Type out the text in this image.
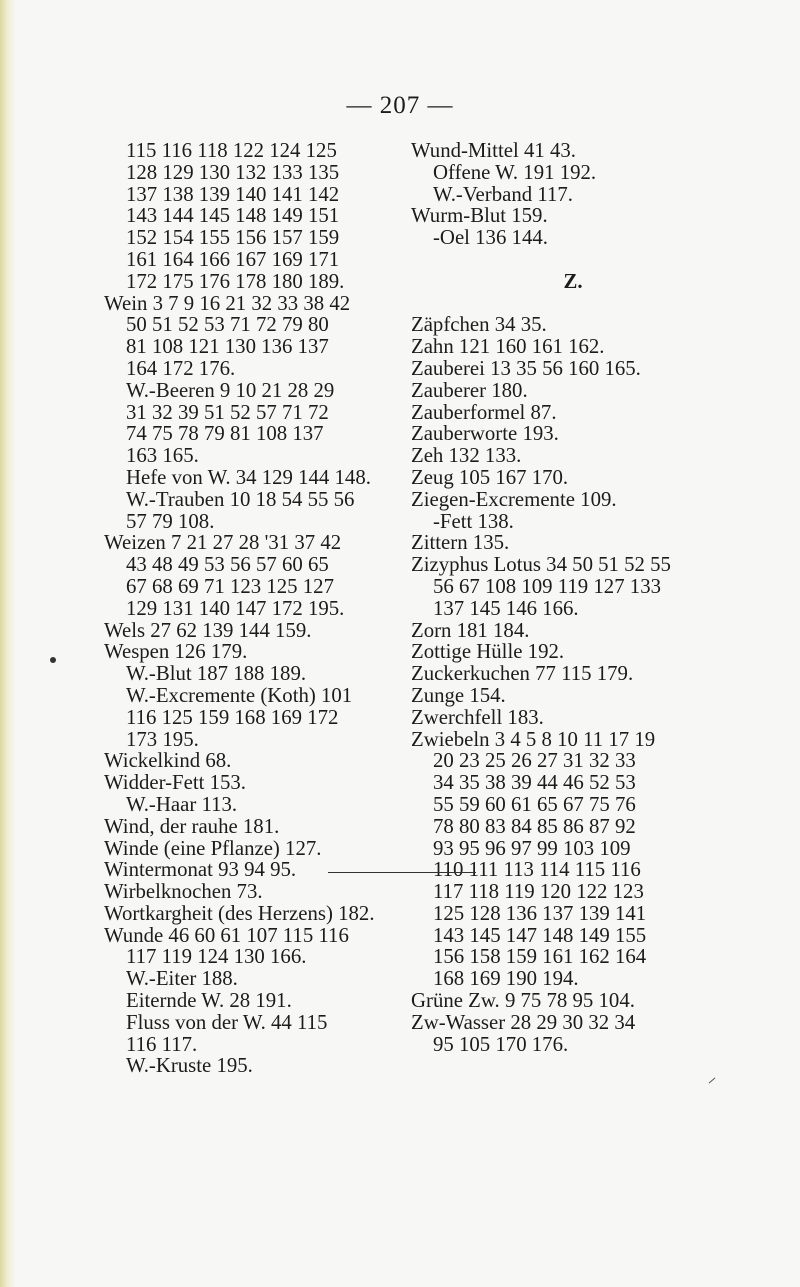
— 207 —
115 116 118 122 124 125
128 129 130 132 133 135
137 138 139 140 141 142
143 144 145 148 149 151
152 154 155 156 157 159
161 164 166 167 169 171
172 175 176 178 180 189.
Wein 3 7 9 16 21 32 33 38 42
50 51 52 53 71 72 79 80
81 108 121 130 136 137
164 172 176.
W.-Beeren 9 10 21 28 29
31 32 39 51 52 57 71 72
74 75 78 79 81 108 137
163 165.
Hefe von W. 34 129 144 148.
W.-Trauben 10 18 54 55 56
57 79 108.
Weizen 7 21 27 28 '31 37 42
43 48 49 53 56 57 60 65
67 68 69 71 123 125 127
129 131 140 147 172 195.
Wels 27 62 139 144 159.
Wespen 126 179.
W.-Blut 187 188 189.
W.-Excremente (Koth) 101
116 125 159 168 169 172
173 195.
Wickelkind 68.
Widder-Fett 153.
W.-Haar 113.
Wind, der rauhe 181.
Winde (eine Pflanze) 127.
Wintermonat 93 94 95.
Wirbelknochen 73.
Wortkargheit (des Herzens) 182.
Wunde 46 60 61 107 115 116
117 119 124 130 166.
W.-Eiter 188.
Eiternde W. 28 191.
Fluss von der W. 44 115
116 117.
W.-Kruste 195.
Wund-Mittel 41 43.
Offene W. 191 192.
W.-Verband 117.
Wurm-Blut 159.
-Oel 136 144.
Z.
Zäpfchen 34 35.
Zahn 121 160 161 162.
Zauberei 13 35 56 160 165.
Zauberer 180.
Zauberformel 87.
Zauberworte 193.
Zeh 132 133.
Zeug 105 167 170.
Ziegen-Excremente 109.
-Fett 138.
Zittern 135.
Zizyphus Lotus 34 50 51 52 55
56 67 108 109 119 127 133
137 145 146 166.
Zorn 181 184.
Zottige Hülle 192.
Zuckerkuchen 77 115 179.
Zunge 154.
Zwerchfell 183.
Zwiebeln 3 4 5 8 10 11 17 19
20 23 25 26 27 31 32 33
34 35 38 39 44 46 52 53
55 59 60 61 65 67 75 76
78 80 83 84 85 86 87 92
93 95 96 97 99 103 109
110 111 113 114 115 116
117 118 119 120 122 123
125 128 136 137 139 141
143 145 147 148 149 155
156 158 159 161 162 164
168 169 190 194.
Grüne Zw. 9 75 78 95 104.
Zw-Wasser 28 29 30 32 34
95 105 170 176.
